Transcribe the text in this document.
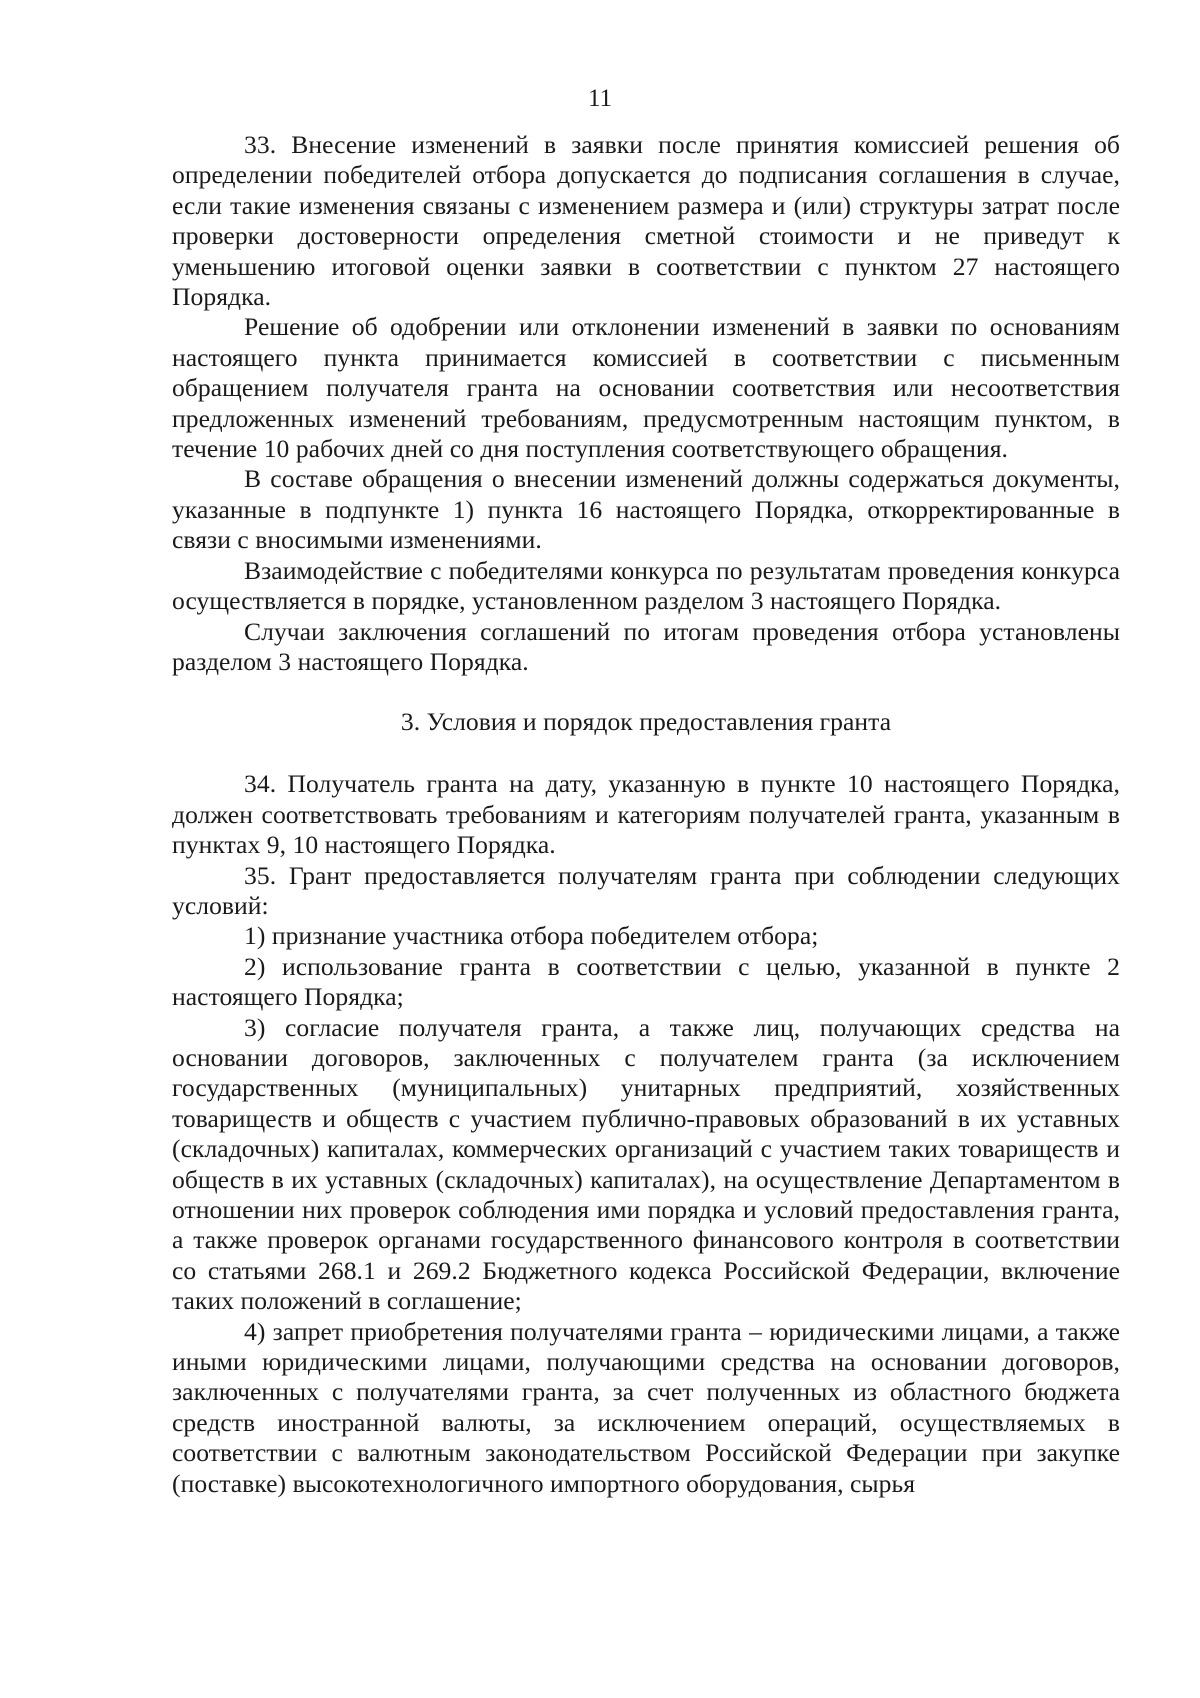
11

33. Внесение изменений в заявки после принятия комиссией решения об определении победителей отбора допускается до подписания соглашения в случае, если такие изменения связаны с изменением размера и (или) структуры затрат после проверки достоверности определения сметной стоимости и не приведут к уменьшению итоговой оценки заявки в соответствии с пунктом 27 настоящего Порядка.

Решение об одобрении или отклонении изменений в заявки по основаниям настоящего пункта принимается комиссией в соответствии с письменным обращением получателя гранта на основании соответствия или несоответствия предложенных изменений требованиям, предусмотренным настоящим пунктом, в течение 10 рабочих дней со дня поступления соответствующего обращения.

В составе обращения о внесении изменений должны содержаться документы, указанные в подпункте 1) пункта 16 настоящего Порядка, откорректированные в связи с вносимыми изменениями.

Взаимодействие с победителями конкурса по результатам проведения конкурса осуществляется в порядке, установленном разделом 3 настоящего Порядка.

Случаи заключения соглашений по итогам проведения отбора установлены разделом 3 настоящего Порядка.

3. Условия и порядок предоставления гранта

34. Получатель гранта на дату, указанную в пункте 10 настоящего Порядка, должен соответствовать требованиям и категориям получателей гранта, указанным в пунктах 9, 10 настоящего Порядка.

35. Грант предоставляется получателям гранта при соблюдении следующих условий:

1) признание участника отбора победителем отбора;

2) использование гранта в соответствии с целью, указанной в пункте 2 настоящего Порядка;

3) согласие получателя гранта, а также лиц, получающих средства на основании договоров, заключенных с получателем гранта (за исключением государственных (муниципальных) унитарных предприятий, хозяйственных товариществ и обществ с участием публично-правовых образований в их уставных (складочных) капиталах, коммерческих организаций с участием таких товариществ и обществ в их уставных (складочных) капиталах), на осуществление Департаментом в отношении них проверок соблюдения ими порядка и условий предоставления гранта, а также проверок органами государственного финансового контроля в соответствии со статьями 268.1 и 269.2 Бюджетного кодекса Российской Федерации, включение таких положений в соглашение;

4) запрет приобретения получателями гранта – юридическими лицами, а также иными юридическими лицами, получающими средства на основании договоров, заключенных с получателями гранта, за счет полученных из областного бюджета средств иностранной валюты, за исключением операций, осуществляемых в соответствии с валютным законодательством Российской Федерации при закупке (поставке) высокотехнологичного импортного оборудования, сырья
